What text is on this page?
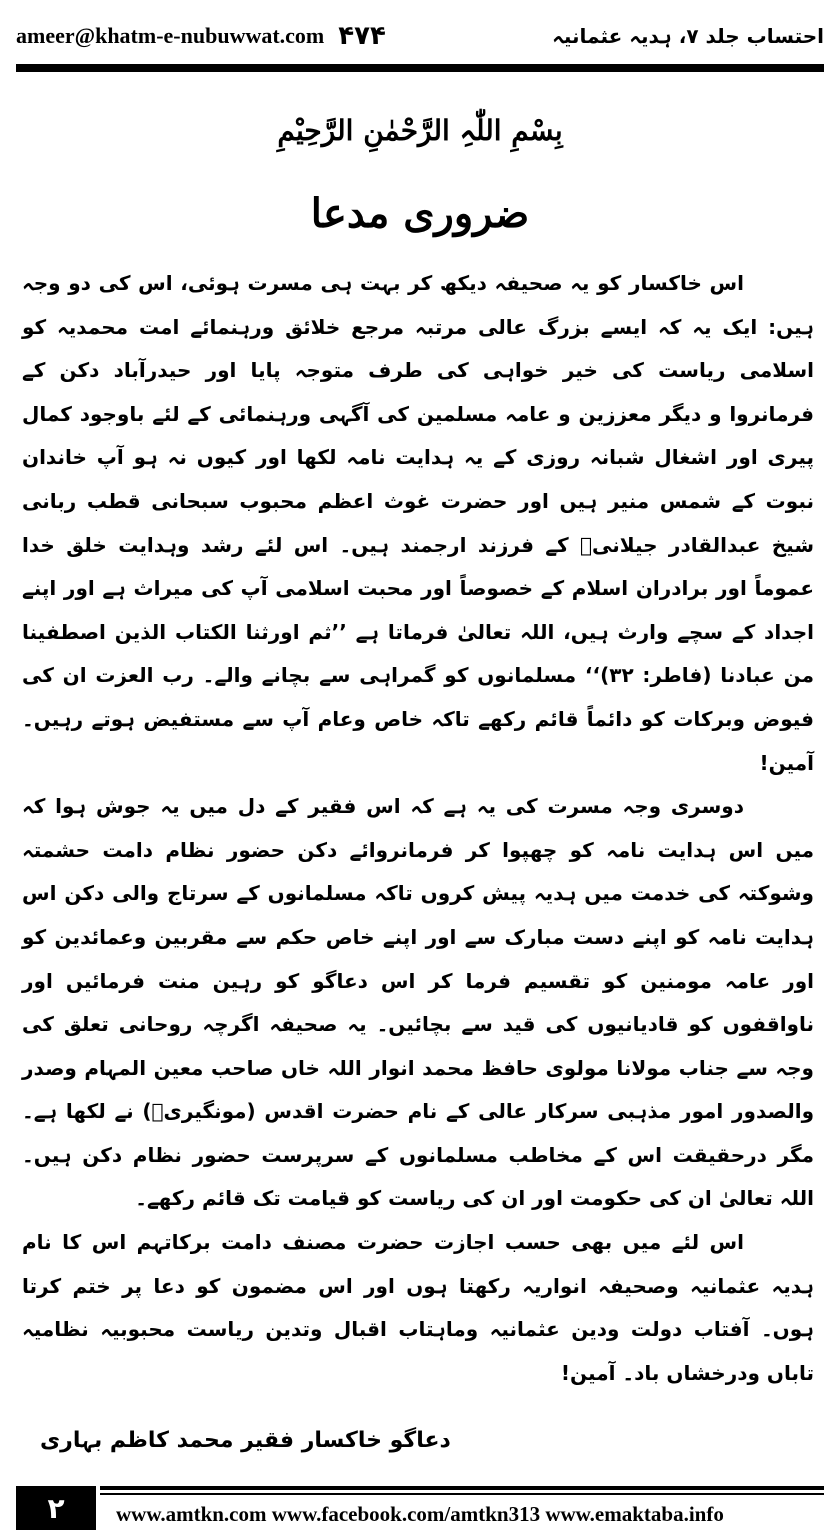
ameer@khatm-e-nubuwwat.com ۴۷۴	احتساب جلد ۷، ہدیہ عثمانیہ
بِسْمِ اللّٰہِ الرَّحْمٰنِ الرَّحِیْمِ
ضروری مدعا

اس خاکسار کو یہ صحیفہ دیکھ کر بہت ہی مسرت ہوئی، اس کی دو وجہ ہیں: ایک یہ کہ ایسے بزرگ عالی مرتبہ مرجع خلائق ورہنمائے امت محمدیہ کو اسلامی ریاست کی خیر خواہی کی طرف متوجہ پایا اور حیدرآباد دکن کے فرمانروا و دیگر معززین و عامہ مسلمین کی آگہی ورہنمائی کے لئے باوجود کمال پیری اور اشغال شبانہ روزی کے یہ ہدایت نامہ لکھا اور کیوں نہ ہو آپ خاندان نبوت کے شمس منیر ہیں اور حضرت غوث اعظم محبوب سبحانی قطب ربانی شیخ عبدالقادر جیلانیؒ کے فرزند ارجمند ہیں۔ اس لئے رشد وہدایت خلق خدا عموماً اور برادران اسلام کے خصوصاً اور محبت اسلامی آپ کی میراث ہے اور اپنے اجداد کے سچے وارث ہیں، اللہ تعالیٰ فرماتا ہے ’’ثم اورثنا الکتاب الذین اصطفینا من عبادنا (فاطر: ۳۲)‘‘ مسلمانوں کو گمراہی سے بچانے والے۔ رب العزت ان کی فیوض وبرکات کو دائماً قائم رکھے تاکہ خاص وعام آپ سے مستفیض ہوتے رہیں۔ آمین!

دوسری وجہ مسرت کی یہ ہے کہ اس فقیر کے دل میں یہ جوش ہوا کہ میں اس ہدایت نامہ کو چھپوا کر فرمانروائے دکن حضور نظام دامت حشمتہ وشوکتہ کی خدمت میں ہدیہ پیش کروں تاکہ مسلمانوں کے سرتاج والی دکن اس ہدایت نامہ کو اپنے دست مبارک سے اور اپنے خاص حکم سے مقربین وعمائدین کو اور عامہ مومنین کو تقسیم فرما کر اس دعاگو کو رہین منت فرمائیں اور ناواقفوں کو قادیانیوں کی قید سے بچائیں۔ یہ صحیفہ اگرچہ روحانی تعلق کی وجہ سے جناب مولانا مولوی حافظ محمد انوار اللہ خاں صاحب معین المہام وصدر والصدور امور مذہبی سرکار عالی کے نام حضرت اقدس (مونگیریؒ) نے لکھا ہے۔ مگر درحقیقت اس کے مخاطب مسلمانوں کے سرپرست حضور نظام دکن ہیں۔ اللہ تعالیٰ ان کی حکومت اور ان کی ریاست کو قیامت تک قائم رکھے۔

اس لئے میں بھی حسب اجازت حضرت مصنف دامت برکاتہم اس کا نام ہدیہ عثمانیہ وصحیفہ انواریہ رکھتا ہوں اور اس مضمون کو دعا پر ختم کرتا ہوں۔ آفتاب دولت ودین عثمانیہ وماہتاب اقبال وتدین ریاست محبوبیہ نظامیہ تاباں ودرخشاں باد۔ آمین!

دعاگو خاکسار فقیر محمد کاظم بہاری
۲	www.amtkn.com www.facebook.com/amtkn313 www.emaktaba.info
